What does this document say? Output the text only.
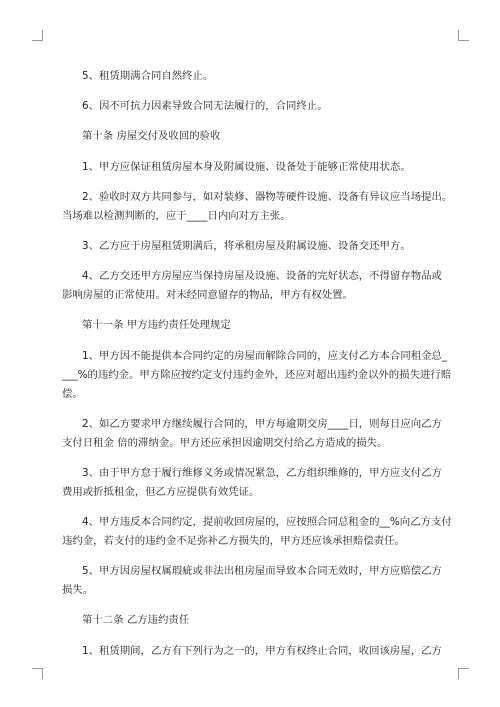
5、租赁期满合同自然终止。

6、因不可抗力因素导致合同无法履行的，合同终止。

第十条 房屋交付及收回的验收

1、甲方应保证租赁房屋本身及附属设施、设备处于能够正常使用状态。

2、验收时双方共同参与，如对装修、器物等硬件设施、设备有异议应当场提出。
当场难以检测判断的，应于____日内向对方主张。

3、乙方应于房屋租赁期满后，将承租房屋及附属设施、设备交还甲方。

4、乙方交还甲方房屋应当保持房屋及设施、设备的完好状态，不得留存物品或
影响房屋的正常使用。对未经同意留存的物品，甲方有权处置。

第十一条 甲方违约责任处理规定

1、甲方因不能提供本合同约定的房屋而解除合同的，应支付乙方本合同租金总_
___%的违约金。甲方除应按约定支付违约金外，还应对超出违约金以外的损失进行赔
偿。

2、如乙方要求甲方继续履行合同的，甲方每逾期交房____日，则每日应向乙方
支付日租金 倍的滞纳金。甲方还应承担因逾期交付给乙方造成的损失。

3、由于甲方怠于履行维修义务或情况紧急，乙方组织维修的，甲方应支付乙方
费用或折抵租金，但乙方应提供有效凭证。

4、甲方违反本合同约定，提前收回房屋的，应按照合同总租金的__%向乙方支付
违约金，若支付的违约金不足弥补乙方损失的，甲方还应该承担赔偿责任。

5、甲方因房屋权属瑕疵或非法出租房屋而导致本合同无效时，甲方应赔偿乙方
损失。

第十二条 乙方违约责任

1、租赁期间，乙方有下列行为之一的，甲方有权终止合同，收回该房屋，乙方
